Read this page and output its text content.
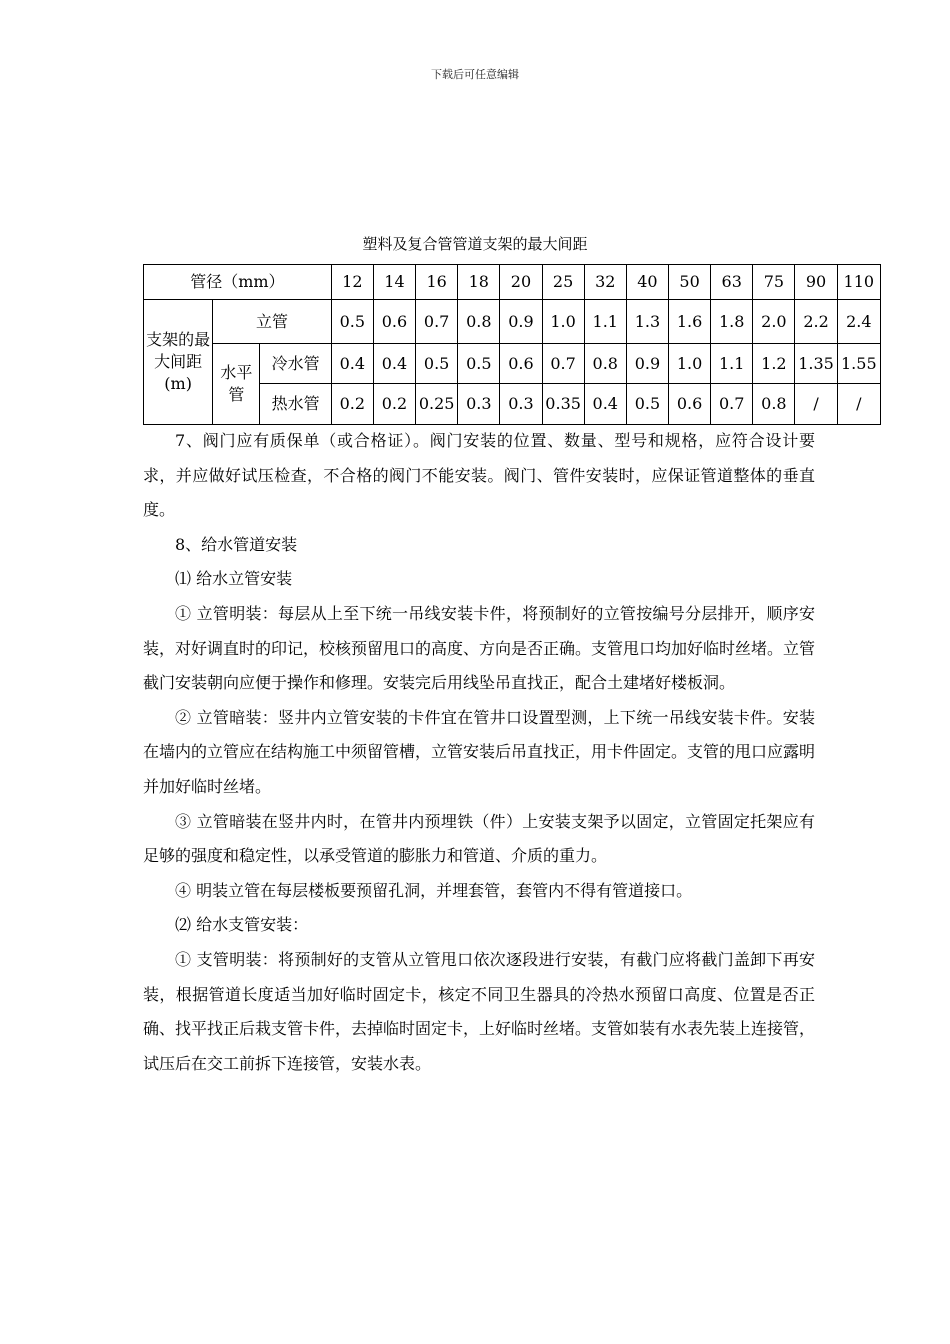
下载后可任意编辑
塑料及复合管管道支架的最大间距
管径（mm）			12	14	16	18	20	25	32	40	50	63	75	90	110
支架的最大间距(m)	立管		0.5	0.6	0.7	0.8	0.9	1.0	1.1	1.3	1.6	1.8	2.0	2.2	2.4
	水平管	冷水管	0.4	0.4	0.5	0.5	0.6	0.7	0.8	0.9	1.0	1.1	1.2	1.35	1.55
		热水管	0.2	0.2	0.25	0.3	0.3	0.35	0.4	0.5	0.6	0.7	0.8	/	/

7、阀门应有质保单（或合格证）。阀门安装的位置、数量、型号和规格，应符合设计要求，并应做好试压检查，不合格的阀门不能安装。阀门、管件安装时，应保证管道整体的垂直度。

8、给水管道安装

⑴ 给水立管安装

① 立管明装：每层从上至下统一吊线安装卡件，将预制好的立管按编号分层排开，顺序安装，对好调直时的印记，校核预留甩口的高度、方向是否正确。支管甩口均加好临时丝堵。立管截门安装朝向应便于操作和修理。安装完后用线坠吊直找正，配合土建堵好楼板洞。

② 立管暗装：竖井内立管安装的卡件宜在管井口设置型测，上下统一吊线安装卡件。安装在墙内的立管应在结构施工中须留管槽，立管安装后吊直找正，用卡件固定。支管的甩口应露明并加好临时丝堵。

③ 立管暗装在竖井内时，在管井内预埋铁（件）上安装支架予以固定，立管固定托架应有足够的强度和稳定性，以承受管道的膨胀力和管道、介质的重力。

④ 明装立管在每层楼板要预留孔洞，并埋套管，套管内不得有管道接口。

⑵ 给水支管安装：

① 支管明装：将预制好的支管从立管甩口依次逐段进行安装，有截门应将截门盖卸下再安装，根据管道长度适当加好临时固定卡，核定不同卫生器具的冷热水预留口高度、位置是否正确、找平找正后栽支管卡件，去掉临时固定卡，上好临时丝堵。支管如装有水表先装上连接管，试压后在交工前拆下连接管，安装水表。
